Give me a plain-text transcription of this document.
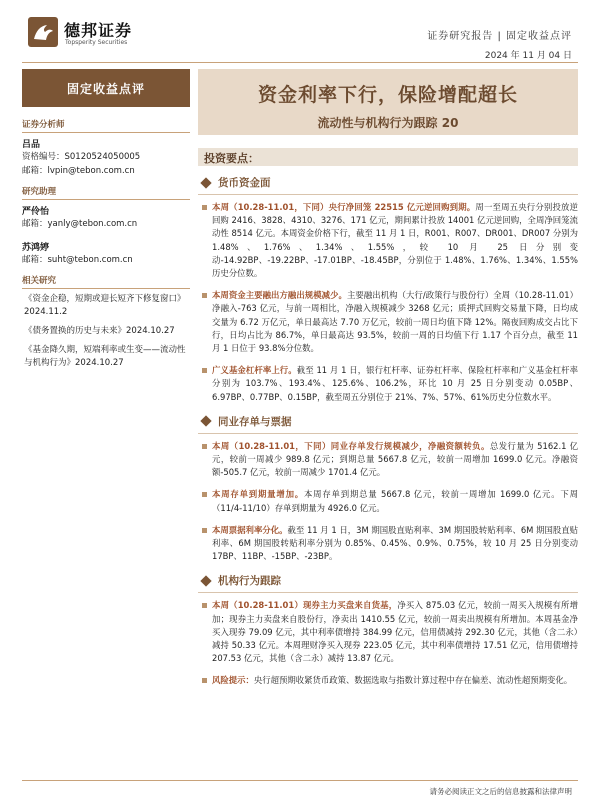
德邦证券
Topsperity Securities
证券研究报告 | 固定收益点评
2024 年 11 月 04 日
固定收益点评	资金利率下行，保险增配超长
流动性与机构行为跟踪 20
证券分析师
吕品
资格编号：S0120524050005
邮箱：lvpin@tebon.com.cn
研究助理
严伶怡
邮箱：yanly@tebon.com.cn
苏鸿婷
邮箱：suht@tebon.com.cn
相关研究
《资金企稳，短期或迎长短齐下修复窗口》2024.11.2
《债务置换的历史与未来》2024.10.27
《基金降久期，短端利率或生变——流动性与机构行为》2024.10.27
投资要点：
货币资金面
本周（10.28-11.01，下同）央行净回笼 22515 亿元逆回购到期。周一至周五央行分别投放逆回购 2416、3828、4310、3276、171 亿元，期间累计投放 14001 亿元逆回购，全周净回笼流动性 8514 亿元。本周资金价格下行，截至 11 月 1 日，R001、R007、DR001、DR007 分别为 1.48%、1.76%、1.34%、1.55%，较 10 月 25 日分别变动-14.92BP、-19.22BP、-17.01BP、-18.45BP，分别位于 1.48%、1.76%、1.34%、1.55%历史分位数。
本周资金主要融出方融出规模减少。主要融出机构（大行/政策行与股份行）全周（10.28-11.01）净融入-763 亿元，与前一周相比，净融入规模减少 3268 亿元；质押式回购交易量下降，日均成交量为 6.72 万亿元，单日最高达 7.70 万亿元，较前一周日均值下降 12%。隔夜回购成交占比下行，日均占比为 86.7%，单日最高达 93.5%，较前一周的日均值下行 1.17 个百分点，截至 11 月 1 日位于 93.8%分位数。
广义基金杠杆率上行。截至 11 月 1 日，银行杠杆率、证券杠杆率、保险杠杆率和广义基金杠杆率分别为 103.7%、193.4%、125.6%、106.2%，环比 10 月 25 日分别变动 0.05BP、6.97BP、0.77BP、0.15BP，截至周五分别位于 21%、7%、57%、61%历史分位数水平。
同业存单与票据
本周（10.28-11.01，下同）同业存单发行规模减少，净融资额转负。总发行量为 5162.1 亿元，较前一周减少 989.8 亿元；到期总量 5667.8 亿元，较前一周增加 1699.0 亿元。净融资额-505.7 亿元，较前一周减少 1701.4 亿元。
本周存单到期量增加。本周存单到期总量 5667.8 亿元，较前一周增加 1699.0 亿元。下周（11/4-11/10）存单到期量为 4926.0 亿元。
本周票据利率分化。截至 11 月 1 日，3M 期国股直贴利率、3M 期国股转贴利率、6M 期国股直贴利率、6M 期国股转贴利率分别为 0.85%、0.45%、0.9%、0.75%，较 10 月 25 日分别变动 17BP、11BP、-15BP、-23BP。
机构行为跟踪
本周（10.28-11.01）现券主力买盘来自货基，净买入 875.03 亿元，较前一周买入规模有所增加；现券主力卖盘来自股份行，净卖出 1410.55 亿元，较前一周卖出规模有所增加。本周基金净买入现券 79.09 亿元，其中利率债增持 384.99 亿元，信用债减持 292.30 亿元，其他（含二永）减持 50.33 亿元。本周理财净买入现券 223.05 亿元，其中利率债增持 17.51 亿元，信用债增持 207.53 亿元，其他（含二永）减持 13.87 亿元。
风险提示：央行超预期收紧货币政策、数据选取与指数计算过程中存在偏差、流动性超预期变化。
请务必阅读正文之后的信息披露和法律声明
